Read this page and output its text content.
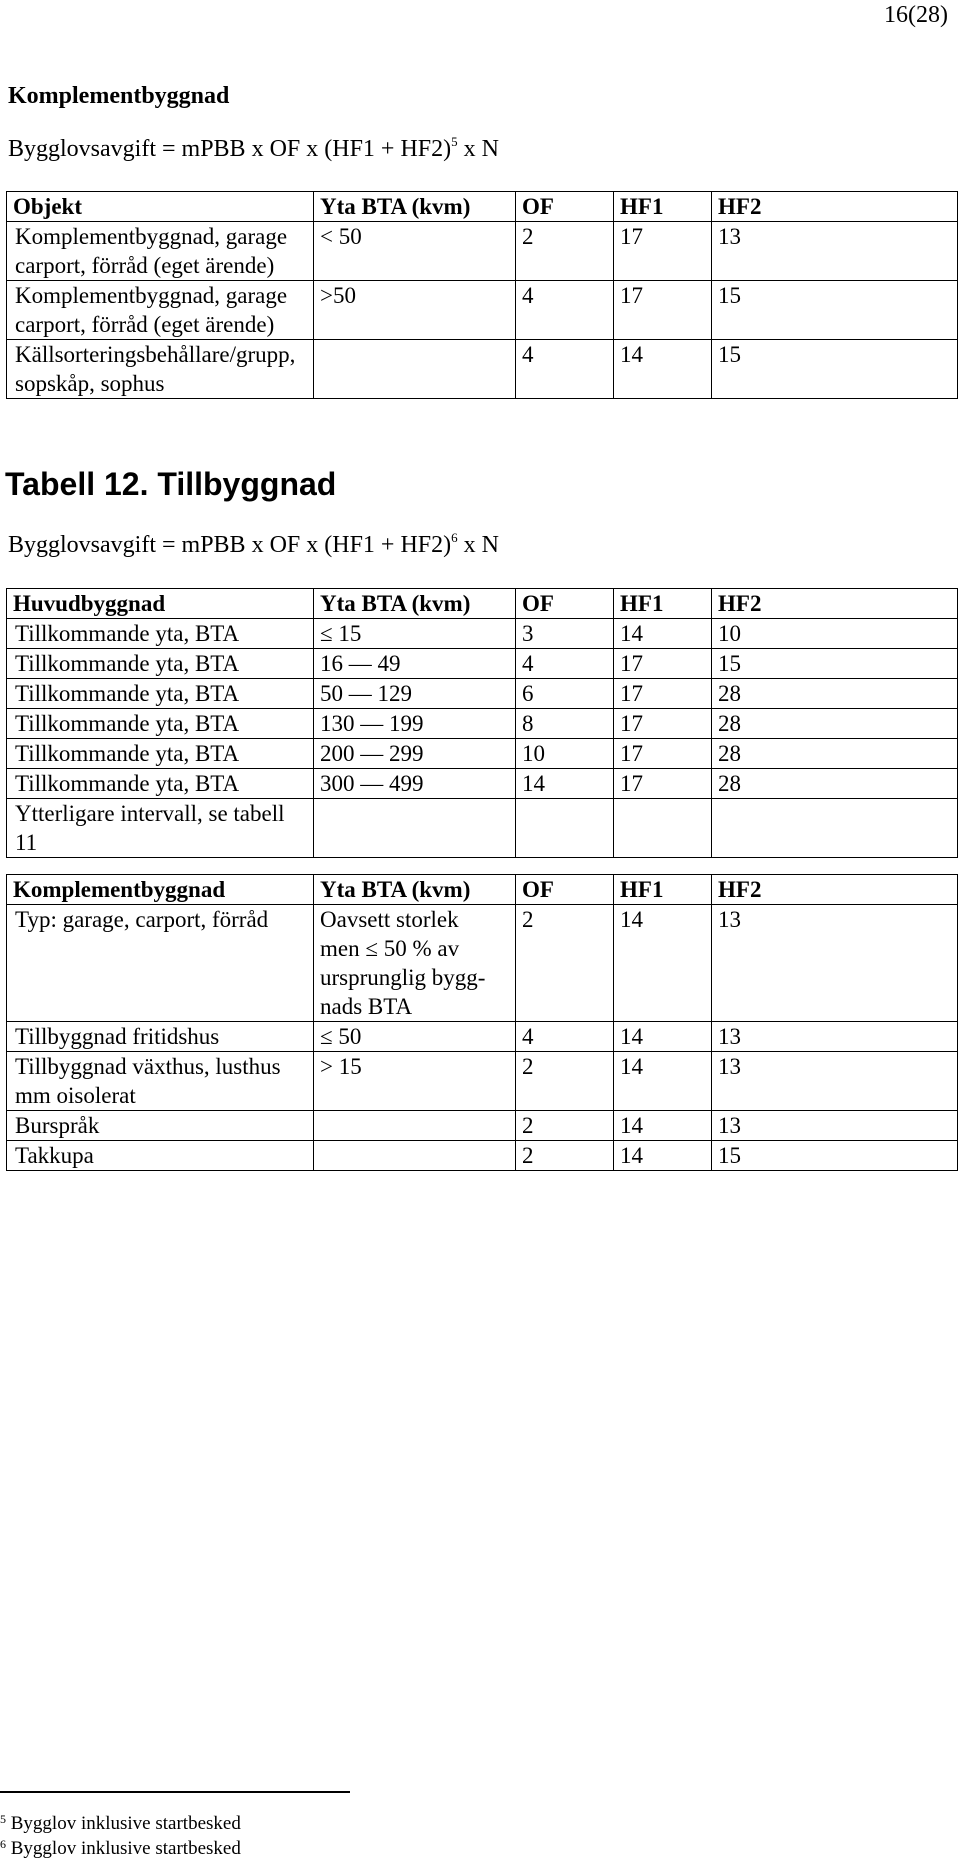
16(28)
Komplementbyggnad
Bygglovsavgift = mPBB x OF x $(HF1 + HF2)^5$ x N
Objekt	Yta BTA (kvm)	OF	HF1	HF2

Komplementbyggnad, garage
carport, förråd (eget ärende)	< 50	2	17	13

Komplementbyggnad, garage
carport, förråd (eget ärende)	>50	4	17	15

Källsorteringsbehållare/grupp,
sopskåp, sophus		4	14	15
Tabell 12. Tillbyggnad
Bygglovsavgift = mPBB x OF x $(HF1 + HF2)^6$ x N
Huvudbyggnad	Yta BTA (kvm)	OF	HF1	HF2

Tillkommande yta, BTA	≤ 15	3	14	10

Tillkommande yta, BTA	16 — 49	4	17	15

Tillkommande yta, BTA	50 — 129	6	17	28

Tillkommande yta, BTA	130 — 199	8	17	28

Tillkommande yta, BTA	200 — 299	10	17	28

Tillkommande yta, BTA	300 — 499	14	17	28

Ytterligare intervall, se tabell 11				

Komplementbyggnad	Yta BTA (kvm)	OF	HF1	HF2

Typ: garage, carport, förråd	Oavsett storlek
men ≤ 50 % av
ursprunglig bygg-
nads BTA	2	14	13

Tillbyggnad fritidshus	≤ 50	4	14	13

Tillbyggnad växthus, lusthus
mm oisolerat	> 15	2	14	13

Burspråk		2	14	13

Takkupa		2	14	15
$^5$ Bygglov inklusive startbesked
$^6$ Bygglov inklusive startbesked
